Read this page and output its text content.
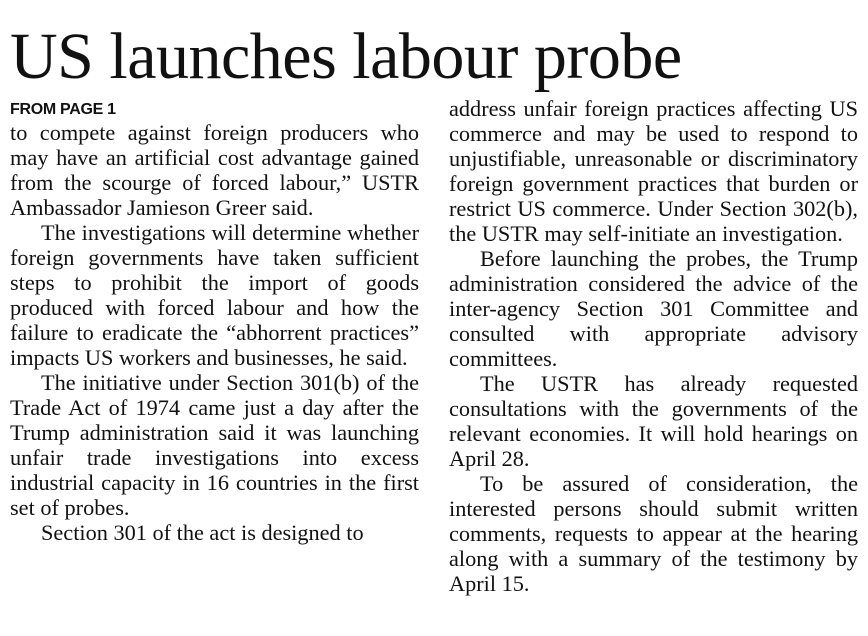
US launches labour probe

FROM PAGE 1

to compete against foreign producers who may have an artificial cost advantage gained from the scourge of forced labour,” USTR Ambassador Jamieson Greer said.

The investigations will determine whether foreign governments have taken sufficient steps to prohibit the import of goods produced with forced labour and how the failure to eradicate the “abhorrent practices” impacts US workers and businesses, he said.

The initiative under Section 301(b) of the Trade Act of 1974 came just a day after the Trump administration said it was launching unfair trade investigations into excess industrial capacity in 16 countries in the first set of probes.

Section 301 of the act is designed to

address unfair foreign practices affecting US commerce and may be used to respond to unjustifiable, unreasonable or discriminatory foreign government practices that burden or restrict US commerce. Under Section 302(b), the USTR may self-initiate an investigation.

Before launching the probes, the Trump administration considered the advice of the inter-agency Section 301 Committee and consulted with appropriate advisory committees.

The USTR has already requested consultations with the governments of the relevant economies. It will hold hearings on April 28.

To be assured of consideration, the interested persons should submit written comments, requests to appear at the hearing along with a summary of the testimony by April 15.
